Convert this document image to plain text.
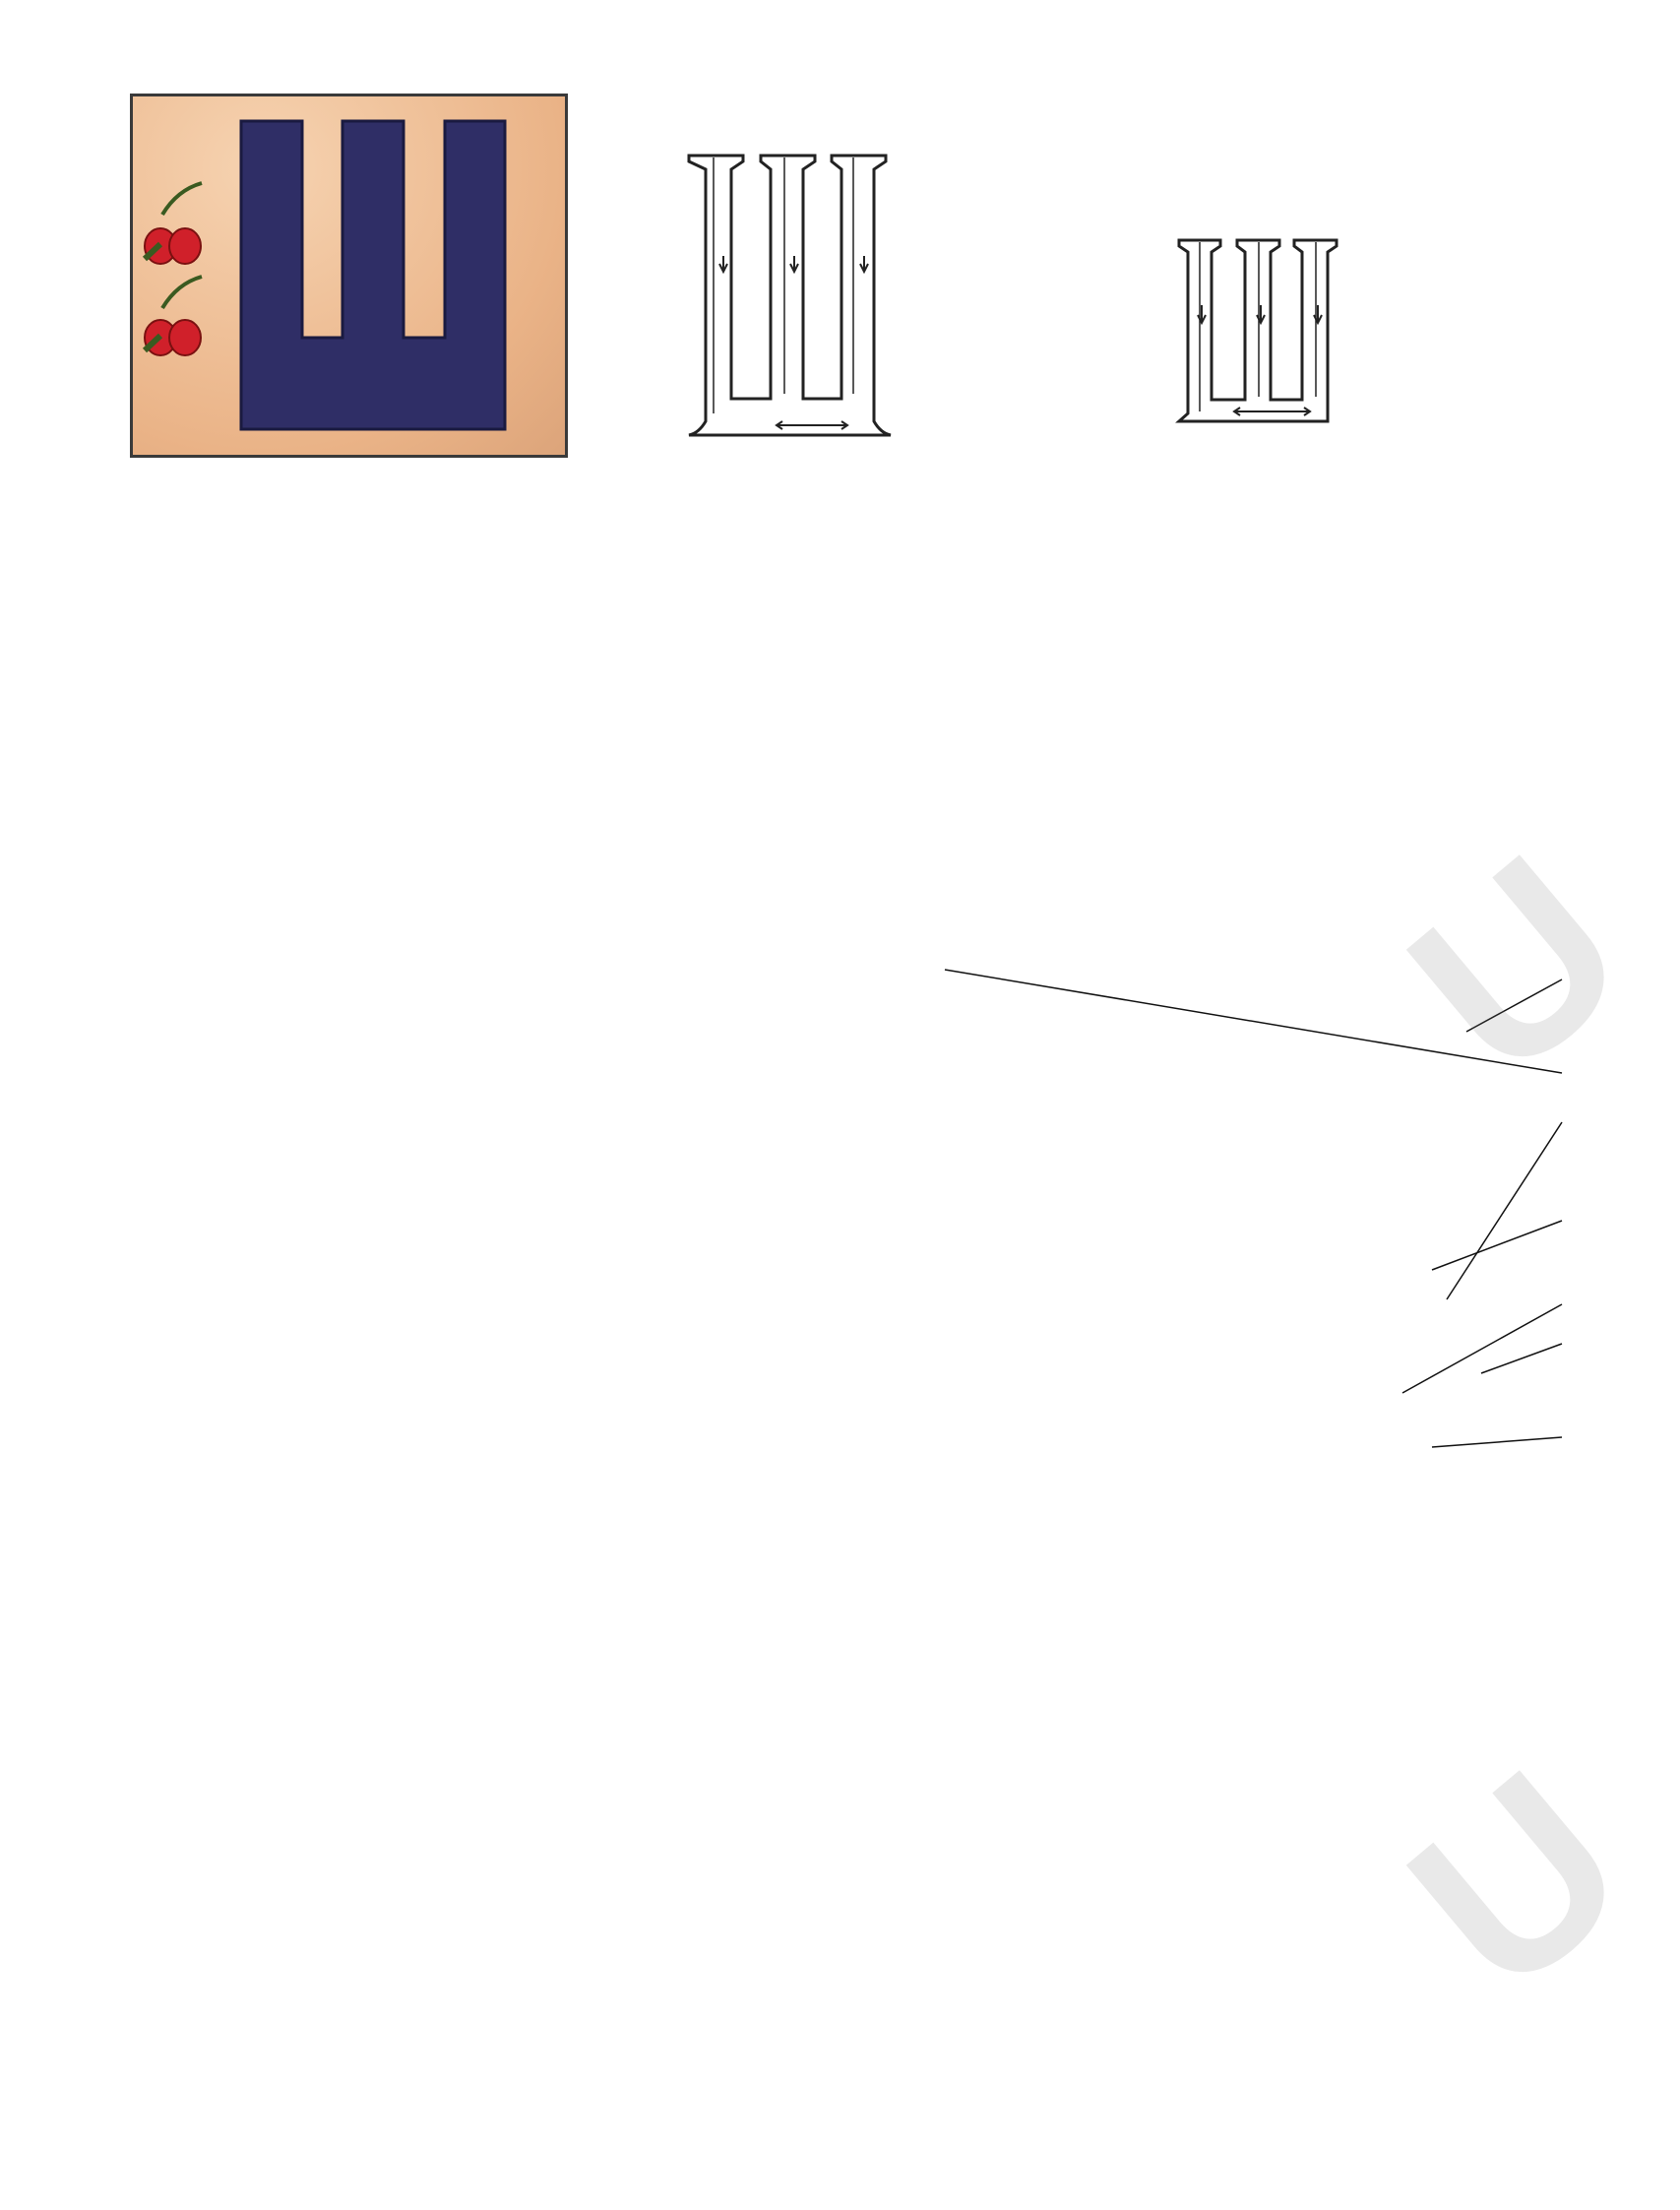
U
U
